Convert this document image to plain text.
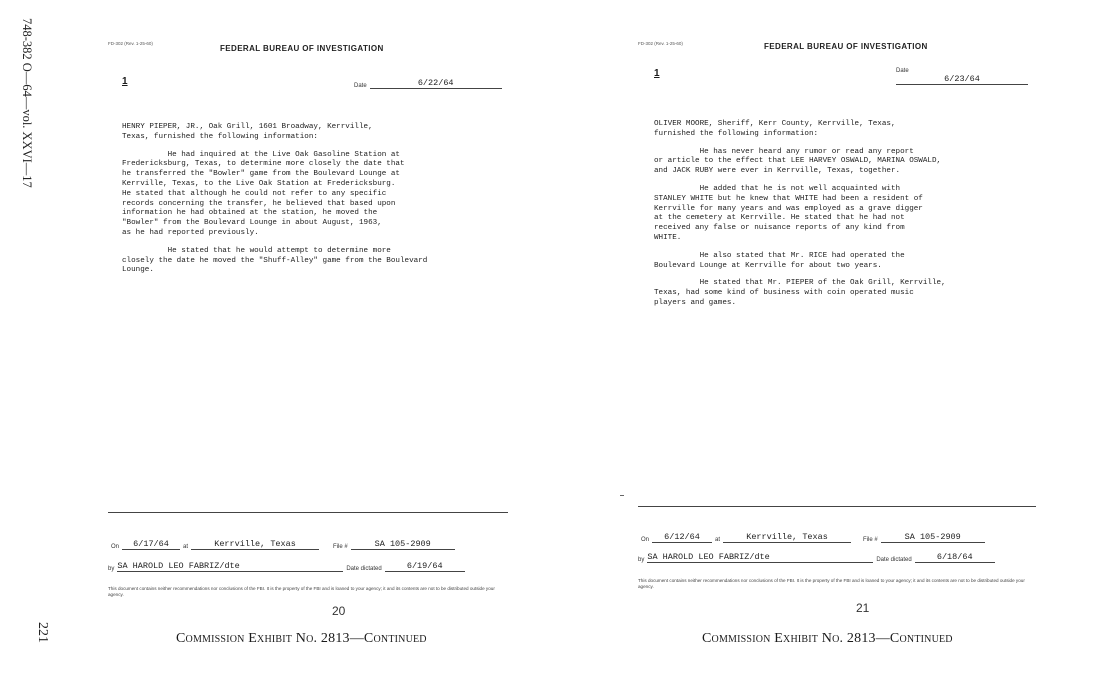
748-382 O—64—vol. XXVI—17
221
FD-302 (Rev. 1-25-60)
FEDERAL BUREAU OF INVESTIGATION
1	Date	6/22/64

HENRY PIEPER, JR., Oak Grill, 1601 Broadway, Kerrville,
Texas, furnished the following information:

He had inquired at the Live Oak Gasoline Station at
Fredericksburg, Texas, to determine more closely the date that
he transferred the "Bowler" game from the Boulevard Lounge at
Kerrville, Texas, to the Live Oak Station at Fredericksburg.
He stated that although he could not refer to any specific
records concerning the transfer, he believed that based upon
information he had obtained at the station, he moved the
"Bowler" from the Boulevard Lounge in about August, 1963,
as he had reported previously.

He stated that he would attempt to determine more
closely the date he moved the "Shuff-Alley" game from the Boulevard
Lounge.

On 6/17/64 at	Kerrville, Texas	File #	SA 105-2909
by SA HAROLD LEO FABRIZ/dte	Date dictated	6/19/64
This document contains neither recommendations nor conclusions of the FBI. It is the property of the FBI and is loaned to your agency; it and its contents are not to be distributed outside your agency.
20
FD-302 (Rev. 1-25-60)	FEDERAL BUREAU OF INVESTIGATION
1	Date6/23/64

OLIVER MOORE, Sheriff, Kerr County, Kerrville, Texas,
furnished the following information:

He has never heard any rumor or read any report
or article to the effect that LEE HARVEY OSWALD, MARINA OSWALD,
and JACK RUBY were ever in Kerrville, Texas, together.

He added that he is not well acquainted with
STANLEY WHITE but he knew that WHITE had been a resident of
Kerrville for many years and was employed as a grave digger
at the cemetery at Kerrville. He stated that he had not
received any false or nuisance reports of any kind from
WHITE.

He also stated that Mr. RICE had operated the
Boulevard Lounge at Kerrville for about two years.

He stated that Mr. PIEPER of the Oak Grill, Kerrville,
Texas, had some kind of business with coin operated music
players and games.

On 6/12/64	at	Kerrville, Texas	File #	SA 105-2909
by SA HAROLD LEO FABRIZ/dte	Date dictated	6/18/64
This document contains neither recommendations nor conclusions of the FBI. It is the property of the FBI and is loaned to your agency; it and its contents are not to be distributed outside your agency.
21
Commission Exhibit No. 2813—Continued	Commission Exhibit No. 2813—Continued
